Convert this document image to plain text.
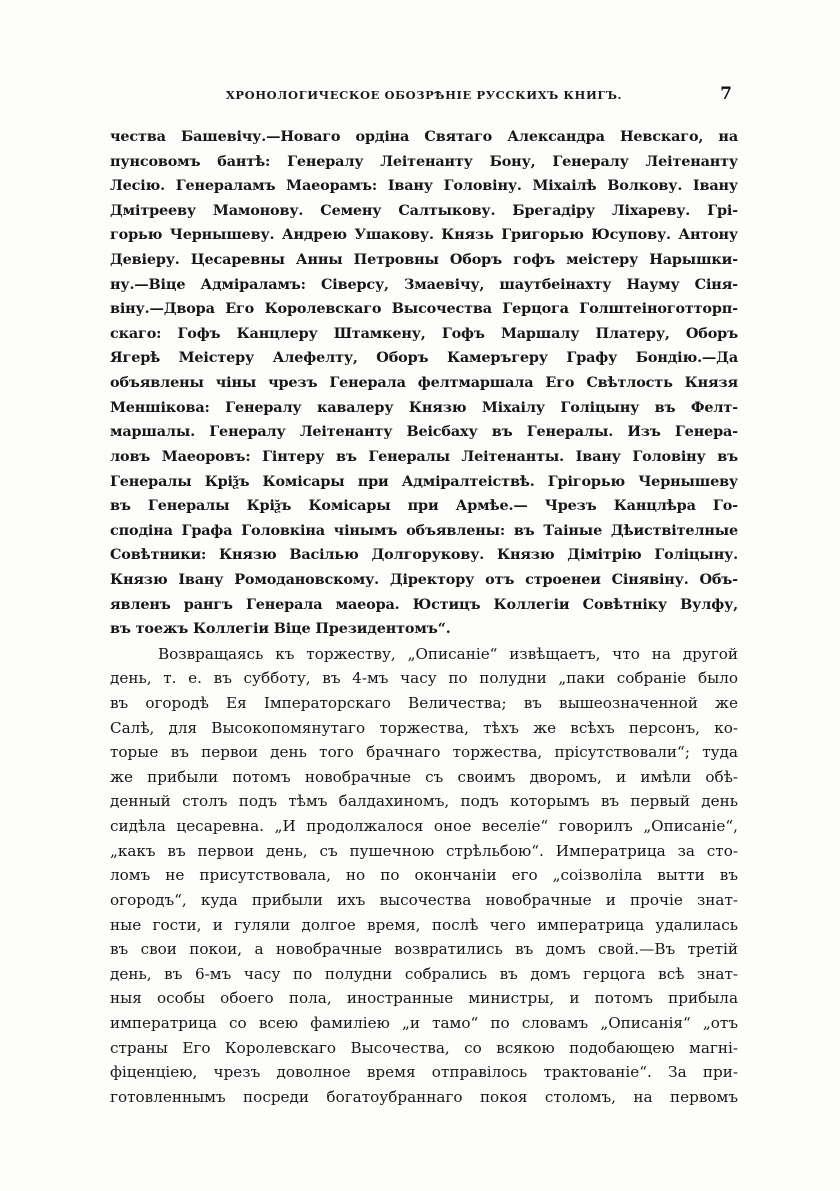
ХРОНОЛОГИЧЕСКОЕ ОБОЗРѢНІЕ РУССКИХЪ КНИГЪ.	7
чества Башевічу.—Новаго ордіна Святаго Александра Невскаго, на
пунсовомъ бантѣ: Генералу Леітенанту Бону, Генералу Леітенанту
Лесію. Генераламъ Маеорамъ: Івану Головіну. Міхаілѣ Волкову. Івану
Дмітрееву Мамонову. Семену Салтыкову. Брегадіру Ліхареву. Грі-
горью Чернышеву. Андрею Ушакову. Князь Григорью Юсупову. Антону
Девіеру. Цесаревны Анны Петровны Оборъ гофъ меістеру Нарышки-
ну.—Віце Адміраламъ: Сіверсу, Змаевічу, шаутбеінахту Науму Сіня-
віну.—Двора Его Королевскаго Высочества Герцога Голштеіноготторп-
скаго: Гофъ Канцлеру Штамкену, Гофъ Маршалу Платеру, Оборъ
Ягерѣ Меістеру Алефелту, Оборъ Камеръгеру Графу Бондію.—Да
объявлены чіны чрезъ Генерала фелтмаршала Его Свѣтлость Князя
Меншікова: Генералу кавалеру Князю Міхаілу Голіцыну въ Фелт-
маршалы. Генералу Леітенанту Веісбаху въ Генералы. Изъ Генера-
ловъ Маеоровъ: Гінтеру въ Генералы Леітенанты. Івану Головіну въ
Генералы Кріѯъ Комісары при Адміралтеіствѣ. Грігорью Чернышеву
въ Генералы Кріѯъ Комісары при Армѣе.— Чрезъ Канцлѣра Го-
сподіна Графа Головкіна чінымъ объявлены: въ Таіные Дѣиствітелные
Совѣтники: Князю Васілью Долгорукову. Князю Дімітрію Голіцыну.
Князю Івану Ромодановскому. Діректору отъ строенеи Сінявіну. Объ-
явленъ рангъ Генерала маеора. Юстицъ Коллегіи Совѣтніку Вулфу,
въ тоежъ Коллегіи Віце Президентомъ“.
Возвращаясь къ торжеству, „Описаніе“ извѣщаетъ, что на другой
день, т. е. въ субботу, въ 4-мъ часу по полудни „паки собраніе было
въ огородѣ Ея Імператорскаго Величества; въ вышеозначенной же
Салѣ, для Высокопомянутаго торжества, тѣхъ же всѣхъ персонъ, ко-
торые въ первои день того брачнаго торжества, прісутствовали“; туда
же прибыли потомъ новобрачные съ своимъ дворомъ, и имѣли обѣ-
денный столъ подъ тѣмъ балдахиномъ, подъ которымъ въ первый день
сидѣла цесаревна. „И продолжалося оное веселіе“ говорилъ „Описаніе“,
„какъ въ первои день, съ пушечною стрѣльбою“. Императрица за сто-
ломъ не присутствовала, но по окончаніи его „соізволіла вытти въ
огородъ“, куда прибыли ихъ высочества новобрачные и прочіе знат-
ные гости, и гуляли долгое время, послѣ чего императрица удалилась
въ свои покои, а новобрачные возвратились въ домъ свой.—Въ третій
день, въ 6-мъ часу по полудни собрались въ домъ герцога всѣ знат-
ныя особы обоего пола, иностранные министры, и потомъ прибыла
императрица со всею фамиліею „и тамо“ по словамъ „Описанія“ „отъ
страны Его Королевскаго Высочества, со всякою подобающею магні-
фіценціею, чрезъ доволное время отправілось трактованіе“. За при-
готовленнымъ посреди богатоубраннаго покоя столомъ, на первомъ
